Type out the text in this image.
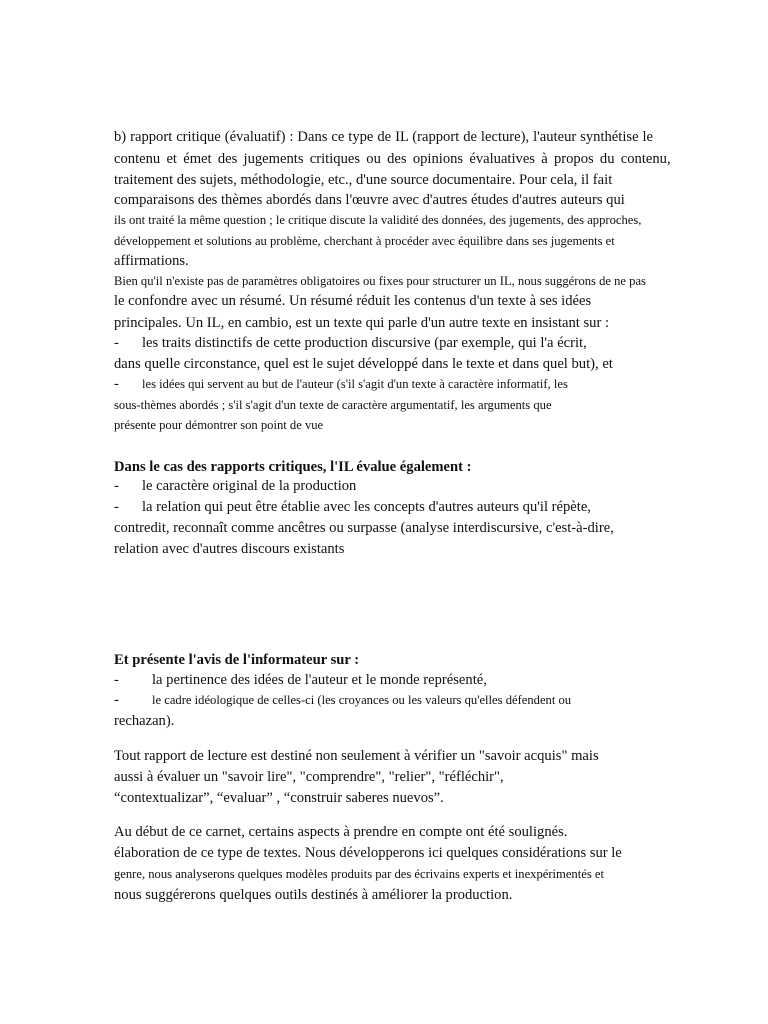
b) rapport critique (évaluatif) : Dans ce type de IL (rapport de lecture), l'auteur synthétise le
contenu et émet des jugements critiques ou des opinions évaluatives à propos du contenu,
traitement des sujets, méthodologie, etc., d'une source documentaire. Pour cela, il fait
comparaisons des thèmes abordés dans l'œuvre avec d'autres études d'autres auteurs qui
ils ont traité la même question ; le critique discute la validité des données, des jugements, des approches,
développement et solutions au problème, cherchant à procéder avec équilibre dans ses jugements et
affirmations.
Bien qu'il n'existe pas de paramètres obligatoires ou fixes pour structurer un IL, nous suggérons de ne pas
le confondre avec un résumé. Un résumé réduit les contenus d'un texte à ses idées
principales. Un IL, en cambio, est un texte qui parle d'un autre texte en insistant sur :
- les traits distinctifs de cette production discursive (par exemple, qui l'a écrit,
dans quelle circonstance, quel est le sujet développé dans le texte et dans quel but), et
- les idées qui servent au but de l'auteur (s'il s'agit d'un texte à caractère informatif, les
sous-thèmes abordés ; s'il s'agit d'un texte de caractère argumentatif, les arguments que
présente pour démontrer son point de vue
Dans le cas des rapports critiques, l'IL évalue également :
- le caractère original de la production
- la relation qui peut être établie avec les concepts d'autres auteurs qu'il répète,
contredit, reconnaît comme ancêtres ou surpasse (analyse interdiscursive, c'est-à-dire,
relation avec d'autres discours existants
Et présente l'avis de l'informateur sur :
- la pertinence des idées de l'auteur et le monde représenté,
-	le cadre idéologique de celles-ci (les croyances ou les valeurs qu'elles défendent ou
rechazan).
Tout rapport de lecture est destiné non seulement à vérifier un "savoir acquis" mais
aussi à évaluer un "savoir lire", "comprendre", "relier", "réfléchir",
“contextualizar”, “evaluar” , “construir saberes nuevos”.
Au début de ce carnet, certains aspects à prendre en compte ont été soulignés.
élaboration de ce type de textes. Nous développerons ici quelques considérations sur le
genre, nous analyserons quelques modèles produits par des écrivains experts et inexpérimentés et
nous suggérerons quelques outils destinés à améliorer la production.
